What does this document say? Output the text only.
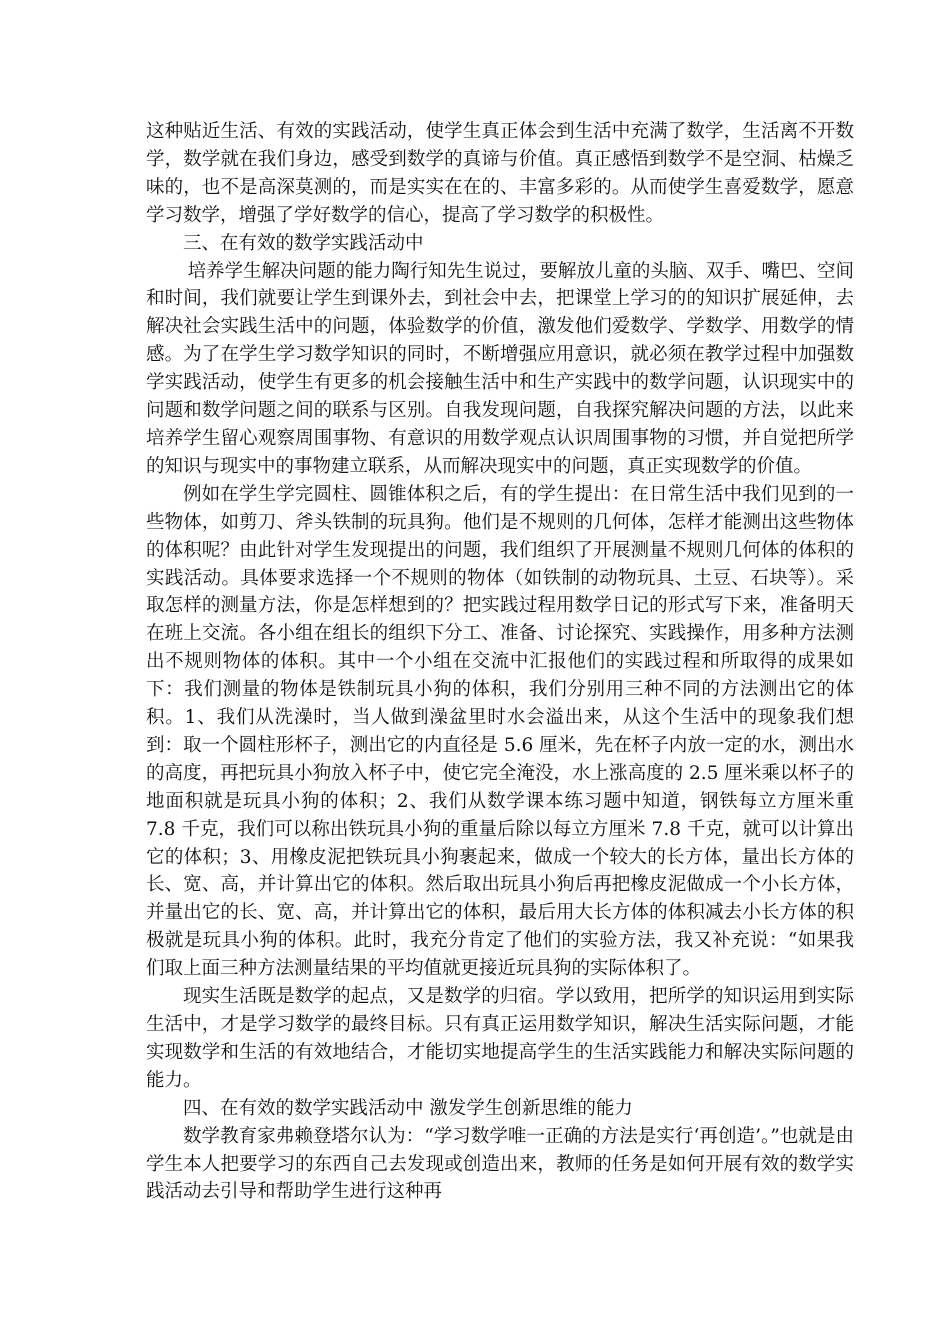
这种贴近生活、有效的实践活动，使学生真正体会到生活中充满了数学，生活离不开数学，数学就在我们身边，感受到数学的真谛与价值。真正感悟到数学不是空洞、枯燥乏味的，也不是高深莫测的，而是实实在在的、丰富多彩的。从而使学生喜爱数学，愿意学习数学，增强了学好数学的信心，提高了学习数学的积极性。

三、在有效的数学实践活动中

培养学生解决问题的能力陶行知先生说过，要解放儿童的头脑、双手、嘴巴、空间和时间，我们就要让学生到课外去，到社会中去，把课堂上学习的的知识扩展延伸，去解决社会实践生活中的问题，体验数学的价值，激发他们爱数学、学数学、用数学的情感。为了在学生学习数学知识的同时，不断增强应用意识，就必须在教学过程中加强数学实践活动，使学生有更多的机会接触生活中和生产实践中的数学问题，认识现实中的问题和数学问题之间的联系与区别。自我发现问题，自我探究解决问题的方法，以此来培养学生留心观察周围事物、有意识的用数学观点认识周围事物的习惯，并自觉把所学的知识与现实中的事物建立联系，从而解决现实中的问题，真正实现数学的价值。

例如在学生学完圆柱、圆锥体积之后，有的学生提出：在日常生活中我们见到的一些物体，如剪刀、斧头铁制的玩具狗。他们是不规则的几何体，怎样才能测出这些物体的体积呢？由此针对学生发现提出的问题，我们组织了开展测量不规则几何体的体积的实践活动。具体要求选择一个不规则的物体（如铁制的动物玩具、土豆、石块等）。采取怎样的测量方法，你是怎样想到的？把实践过程用数学日记的形式写下来，准备明天在班上交流。各小组在组长的组织下分工、准备、讨论探究、实践操作，用多种方法测出不规则物体的体积。其中一个小组在交流中汇报他们的实践过程和所取得的成果如下：我们测量的物体是铁制玩具小狗的体积，我们分别用三种不同的方法测出它的体积。1、我们从洗澡时，当人做到澡盆里时水会溢出来，从这个生活中的现象我们想到：取一个圆柱形杯子，测出它的内直径是 5.6 厘米，先在杯子内放一定的水，测出水的高度，再把玩具小狗放入杯子中，使它完全淹没，水上涨高度的 2.5 厘米乘以杯子的地面积就是玩具小狗的体积；2、我们从数学课本练习题中知道，钢铁每立方厘米重 7.8 千克，我们可以称出铁玩具小狗的重量后除以每立方厘米 7.8 千克，就可以计算出它的体积；3、用橡皮泥把铁玩具小狗裹起来，做成一个较大的长方体，量出长方体的长、宽、高，并计算出它的体积。然后取出玩具小狗后再把橡皮泥做成一个小长方体，并量出它的长、宽、高，并计算出它的体积，最后用大长方体的体积减去小长方体的积极就是玩具小狗的体积。此时，我充分肯定了他们的实验方法，我又补充说：“如果我们取上面三种方法测量结果的平均值就更接近玩具狗的实际体积了。

现实生活既是数学的起点，又是数学的归宿。学以致用，把所学的知识运用到实际生活中，才是学习数学的最终目标。只有真正运用数学知识，解决生活实际问题，才能实现数学和生活的有效地结合，才能切实地提高学生的生活实践能力和解决实际问题的能力。

四、在有效的数学实践活动中 激发学生创新思维的能力

数学教育家弗赖登塔尔认为：“学习数学唯一正确的方法是实行‘再创造’。”也就是由学生本人把要学习的东西自己去发现或创造出来，教师的任务是如何开展有效的数学实践活动去引导和帮助学生进行这种再
